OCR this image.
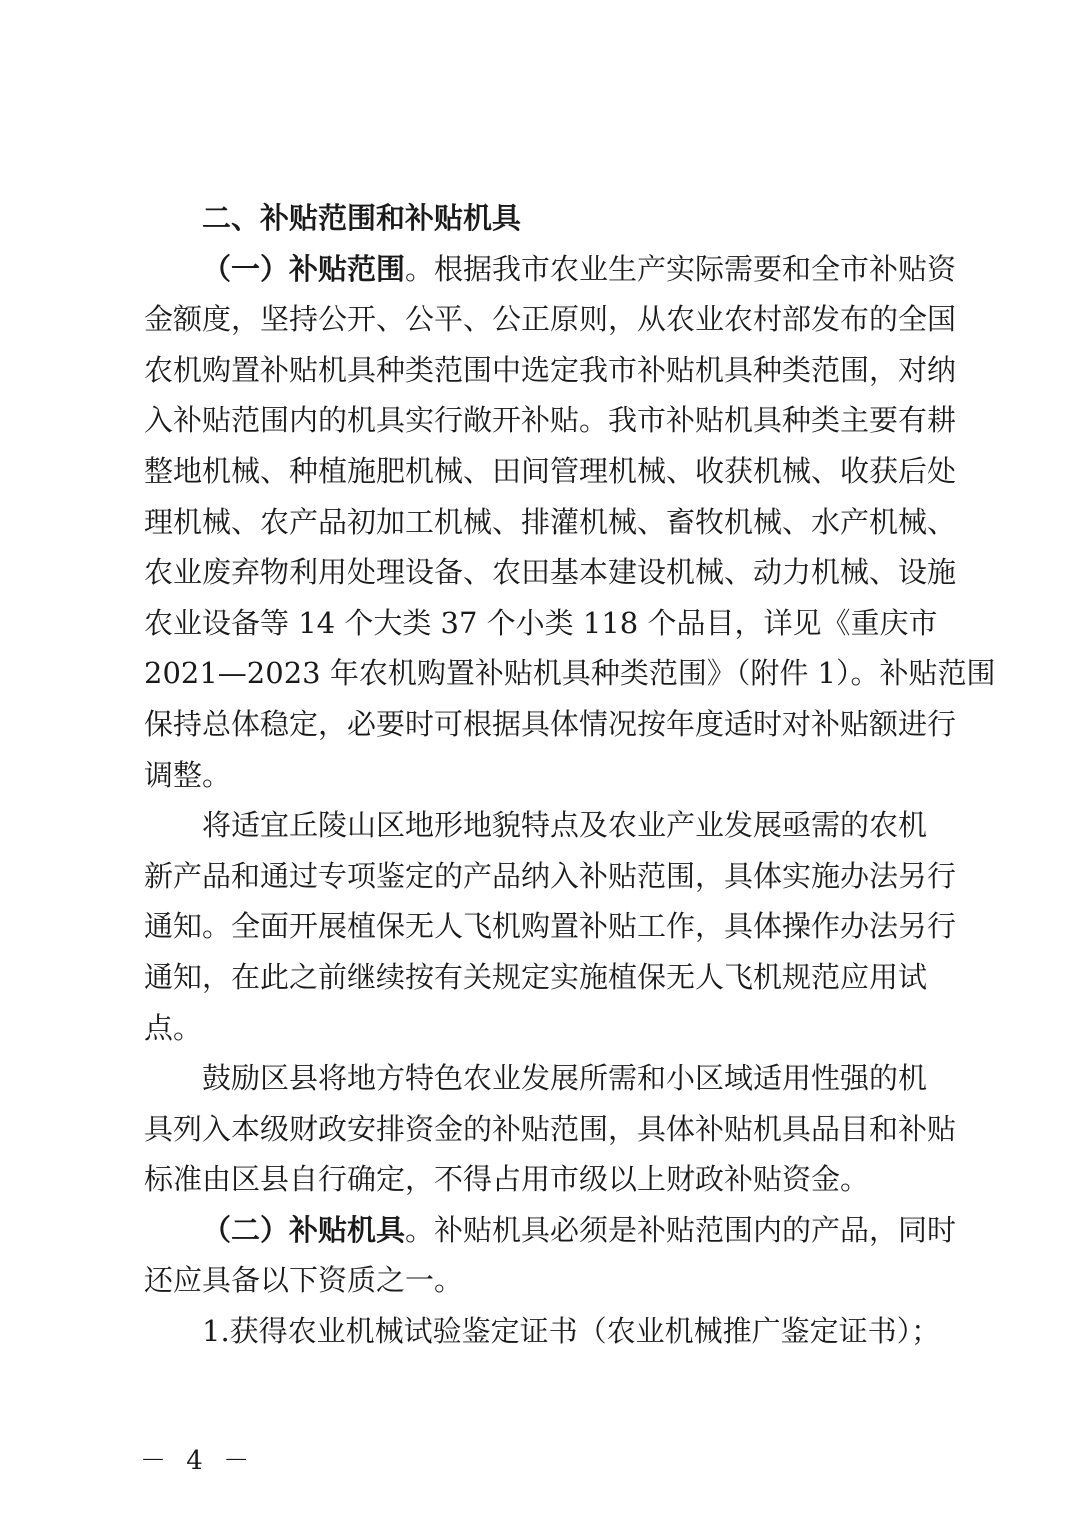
二、补贴范围和补贴机具
（一）补贴范围。根据我市农业生产实际需要和全市补贴资
金额度，坚持公开、公平、公正原则，从农业农村部发布的全国
农机购置补贴机具种类范围中选定我市补贴机具种类范围，对纳
入补贴范围内的机具实行敞开补贴。我市补贴机具种类主要有耕
整地机械、种植施肥机械、田间管理机械、收获机械、收获后处
理机械、农产品初加工机械、排灌机械、畜牧机械、水产机械、
农业废弃物利用处理设备、农田基本建设机械、动力机械、设施
农业设备等 14 个大类 37 个小类 118 个品目，详见《重庆市
2021—2023 年农机购置补贴机具种类范围》（附件 1）。补贴范围
保持总体稳定，必要时可根据具体情况按年度适时对补贴额进行
调整。
将适宜丘陵山区地形地貌特点及农业产业发展亟需的农机
新产品和通过专项鉴定的产品纳入补贴范围，具体实施办法另行
通知。全面开展植保无人飞机购置补贴工作，具体操作办法另行
通知，在此之前继续按有关规定实施植保无人飞机规范应用试
点。
鼓励区县将地方特色农业发展所需和小区域适用性强的机
具列入本级财政安排资金的补贴范围，具体补贴机具品目和补贴
标准由区县自行确定，不得占用市级以上财政补贴资金。
（二）补贴机具。补贴机具必须是补贴范围内的产品，同时
还应具备以下资质之一。
1.获得农业机械试验鉴定证书（农业机械推广鉴定证书）；
－ 4 －
